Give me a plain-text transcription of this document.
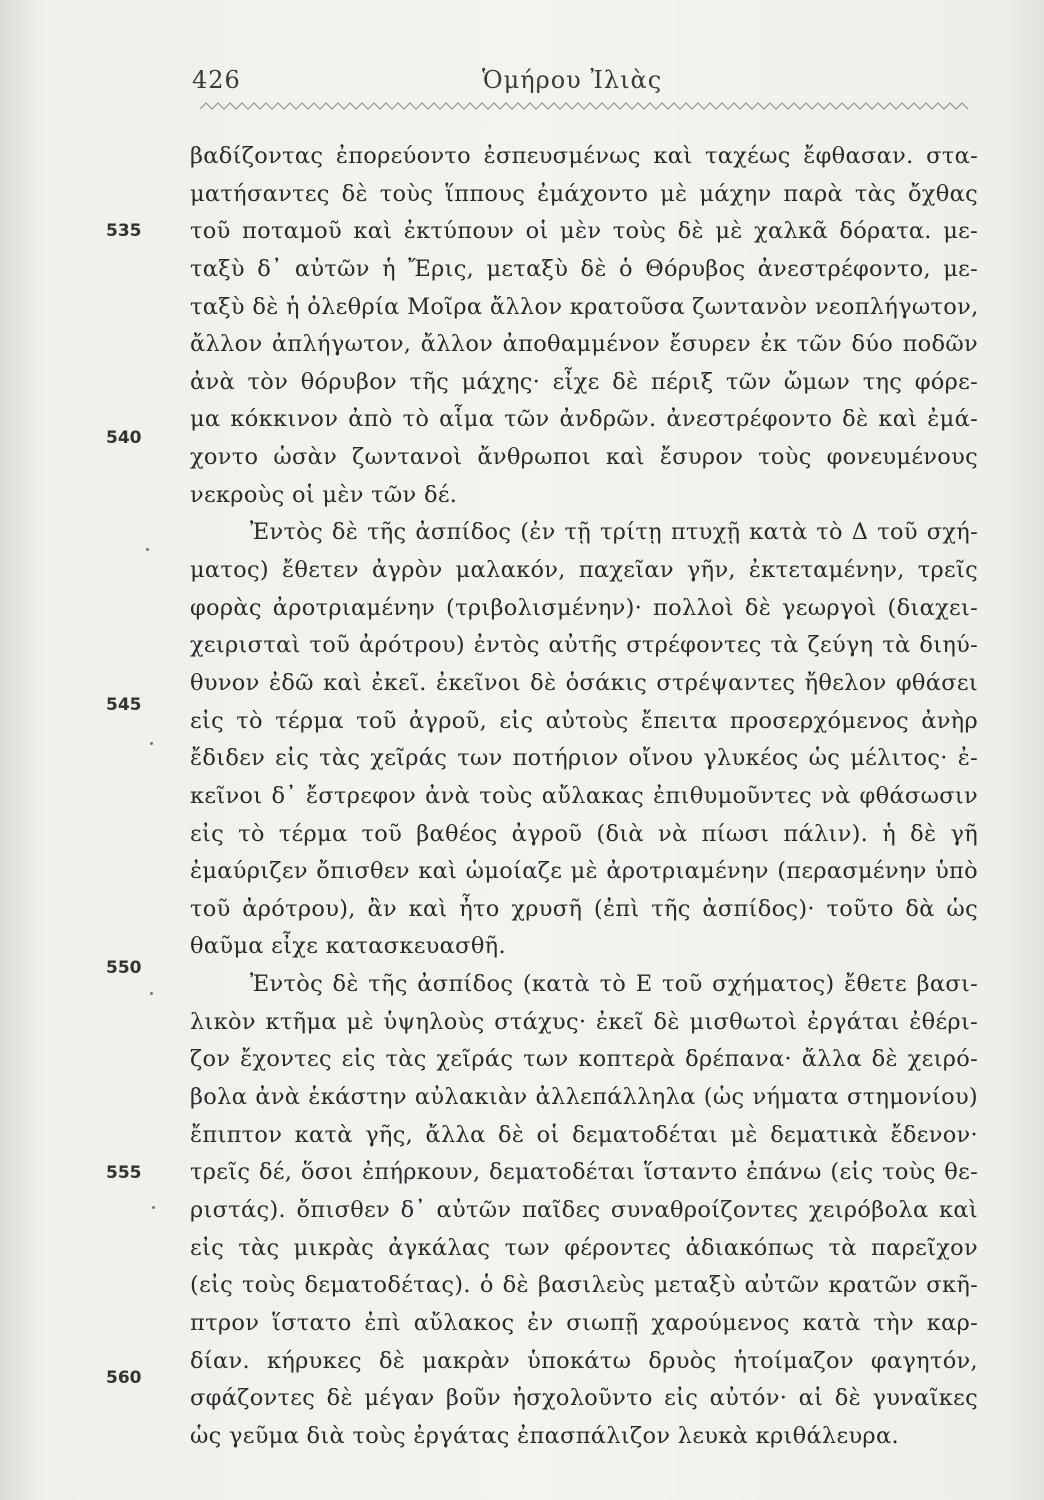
426	Ὁμήρου Ἰλιὰς
535
540
545
550
555
560
βαδίζοντας ἐπορεύοντο ἐσπευσμένως καὶ ταχέως ἔφθασαν. στα-
ματήσαντες δὲ τοὺς ἵππους ἐμάχοντο μὲ μάχην παρὰ τὰς ὄχθας
τοῦ ποταμοῦ καὶ ἐκτύπουν οἱ μὲν τοὺς δὲ μὲ χαλκᾶ δόρατα. με-
ταξὺ δ᾽ αὐτῶν ἡ Ἔρις, μεταξὺ δὲ ὁ Θόρυβος ἀνεστρέφοντο, με-
ταξὺ δὲ ἡ ὀλεθρία Μοῖρα ἄλλον κρατοῦσα ζωντανὸν νεοπλήγωτον,
ἄλλον ἀπλήγωτον, ἄλλον ἀποθαμμένον ἔσυρεν ἐκ τῶν δύο ποδῶν
ἀνὰ τὸν θόρυβον τῆς μάχης· εἶχε δὲ πέριξ τῶν ὤμων της φόρε-
μα κόκκινον ἀπὸ τὸ αἷμα τῶν ἀνδρῶν. ἀνεστρέφοντο δὲ καὶ ἐμά-
χοντο ὡσὰν ζωντανοὶ ἄνθρωποι καὶ ἔσυρον τοὺς φονευμένους
νεκροὺς οἱ μὲν τῶν δέ.
Ἐντὸς δὲ τῆς ἀσπίδος (ἐν τῇ τρίτῃ πτυχῇ κατὰ τὸ Δ τοῦ σχή-
ματος) ἔθετεν ἀγρὸν μαλακόν, παχεῖαν γῆν, ἐκτεταμένην, τρεῖς
φορὰς ἀροτριαμένην (τριβολισμένην)· πολλοὶ δὲ γεωργοὶ (διαχει-
χειρισταὶ τοῦ ἀρότρου) ἐντὸς αὐτῆς στρέφοντες τὰ ζεύγη τὰ διηύ-
θυνον ἐδῶ καὶ ἐκεῖ. ἐκεῖνοι δὲ ὁσάκις στρέψαντες ἤθελον φθάσει
εἰς τὸ τέρμα τοῦ ἀγροῦ, εἰς αὐτοὺς ἔπειτα προσερχόμενος ἀνὴρ
ἔδιδεν εἰς τὰς χεῖράς των ποτήριον οἴνου γλυκέος ὡς μέλιτος· ἐ-
κεῖνοι δ᾽ ἔστρεφον ἀνὰ τοὺς αὔλακας ἐπιθυμοῦντες νὰ φθάσωσιν
εἰς τὸ τέρμα τοῦ βαθέος ἀγροῦ (διὰ νὰ πίωσι πάλιν). ἡ δὲ γῆ
ἐμαύριζεν ὄπισθεν καὶ ὡμοίαζε μὲ ἀροτριαμένην (περασμένην ὑπὸ
τοῦ ἀρότρου), ἂν καὶ ἦτο χρυσῆ (ἐπὶ τῆς ἀσπίδος)· τοῦτο δὰ ὡς
θαῦμα εἶχε κατασκευασθῆ.
Ἐντὸς δὲ τῆς ἀσπίδος (κατὰ τὸ Ε τοῦ σχήματος) ἔθετε βασι-
λικὸν κτῆμα μὲ ὑψηλοὺς στάχυς· ἐκεῖ δὲ μισθωτοὶ ἐργάται ἐθέρι-
ζον ἔχοντες εἰς τὰς χεῖράς των κοπτερὰ δρέπανα· ἄλλα δὲ χειρό-
βολα ἀνὰ ἑκάστην αὐλακιὰν ἀλλεπάλληλα (ὡς νήματα στημονίου)
ἔπιπτον κατὰ γῆς, ἄλλα δὲ οἱ δεματοδέται μὲ δεματικὰ ἔδενον·
τρεῖς δέ, ὅσοι ἐπήρκουν, δεματοδέται ἵσταντο ἐπάνω (εἰς τοὺς θε-
ριστάς). ὄπισθεν δ᾽ αὐτῶν παῖδες συναθροίζοντες χειρόβολα καὶ
εἰς τὰς μικρὰς ἀγκάλας των φέροντες ἀδιακόπως τὰ παρεῖχον
(εἰς τοὺς δεματοδέτας). ὁ δὲ βασιλεὺς μεταξὺ αὐτῶν κρατῶν σκῆ-
πτρον ἵστατο ἐπὶ αὔλακος ἐν σιωπῇ χαρούμενος κατὰ τὴν καρ-
δίαν. κήρυκες δὲ μακρὰν ὑποκάτω δρυὸς ἡτοίμαζον φαγητόν,
σφάζοντες δὲ μέγαν βοῦν ἠσχολοῦντο εἰς αὐτόν· αἱ δὲ γυναῖκες
ὡς γεῦμα διὰ τοὺς ἐργάτας ἐπασπάλιζον λευκὰ κριθάλευρα.
